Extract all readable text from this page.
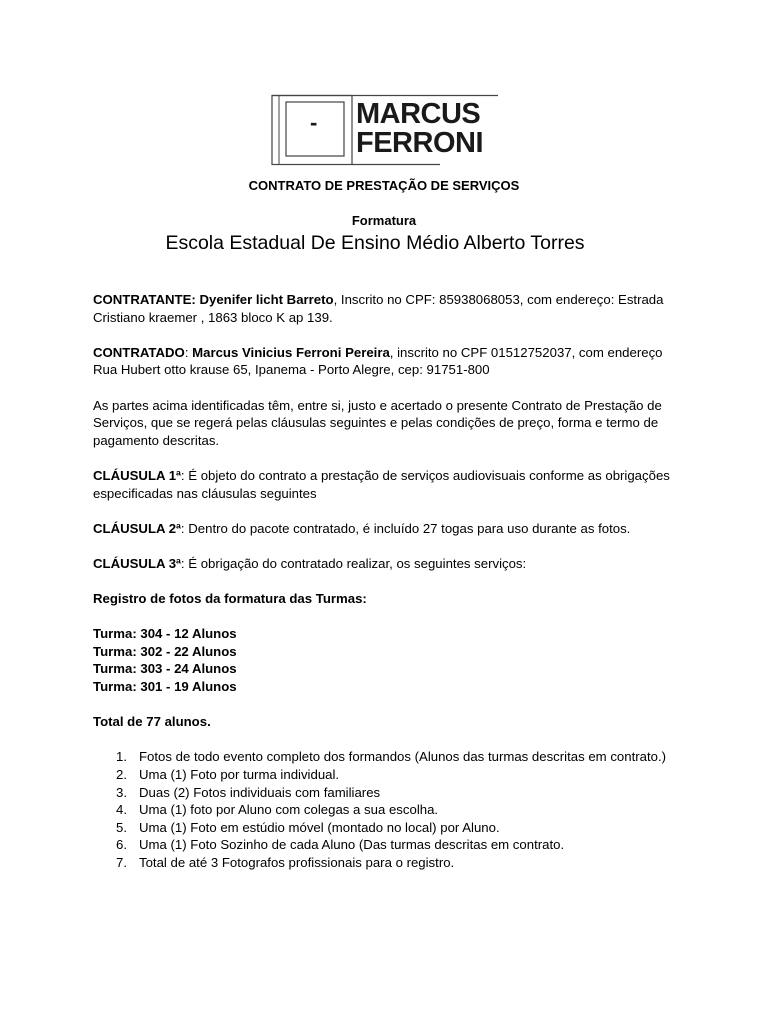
- MARCUS
FERRONI
CONTRATO DE PRESTAÇÃO DE SERVIÇOS
Formatura
Escola Estadual De Ensino Médio Alberto Torres

CONTRATANTE: Dyenifer licht Barreto, Inscrito no CPF: 85938068053, com endereço: Estrada Cristiano kraemer , 1863 bloco K ap 139.

CONTRATADO: Marcus Vinicius Ferroni Pereira, inscrito no CPF 01512752037, com endereço Rua Hubert otto krause 65, Ipanema - Porto Alegre, cep: 91751-800

As partes acima identificadas têm, entre si, justo e acertado o presente Contrato de Prestação de Serviços, que se regerá pelas cláusulas seguintes e pelas condições de preço, forma e termo de pagamento descritas.

CLÁUSULA 1ª: É objeto do contrato a prestação de serviços audiovisuais conforme as obrigações especificadas nas cláusulas seguintes

CLÁUSULA 2ª: Dentro do pacote contratado, é incluído 27 togas para uso durante as fotos.

CLÁUSULA 3ª: É obrigação do contratado realizar, os seguintes serviços:

Registro de fotos da formatura das Turmas:

Turma: 304 - 12 Alunos

Turma: 302 - 22 Alunos

Turma: 303 - 24 Alunos

Turma: 301 - 19 Alunos

Total de 77 alunos.

1. Fotos de todo evento completo dos formandos (Alunos das turmas descritas em contrato.)
2. Uma (1) Foto por turma individual.
3. Duas (2) Fotos individuais com familiares
4. Uma (1) foto por Aluno com colegas a sua escolha.
5. Uma (1) Foto em estúdio móvel (montado no local) por Aluno.
6. Uma (1) Foto Sozinho de cada Aluno (Das turmas descritas em contrato.
7. Total de até 3 Fotografos profissionais para o registro.
